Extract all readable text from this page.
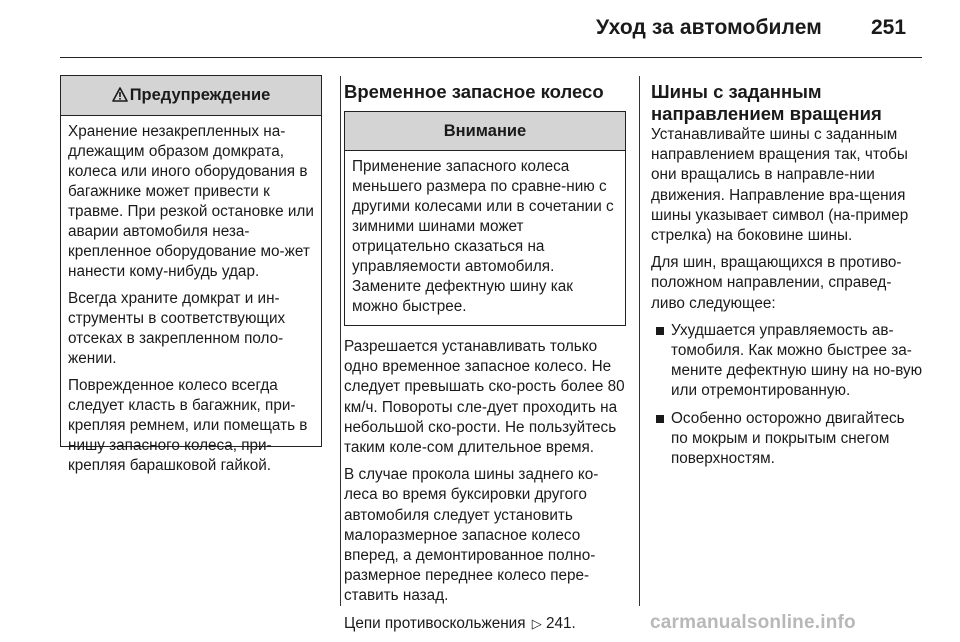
Уход за автомобилем 251
Предупреждение

Хранение незакрепленных на-длежащим образом домкрата, колеса или иного оборудования в багажнике может привести к травме. При резкой остановке или аварии автомобиля неза-крепленное оборудование мо-жет нанести кому-нибудь удар.

Всегда храните домкрат и ин-струменты в соответствующих отсеках в закрепленном поло-жении.

Поврежденное колесо всегда следует класть в багажник, при-крепляя ремнем, или помещать в нишу запасного колеса, при-крепляя барашковой гайкой.

Временное запасное колесо
Внимание

Применение запасного колеса меньшего размера по сравне-нию с другими колесами или в сочетании с зимними шинами может отрицательно сказаться на управляемости автомобиля. Замените дефектную шину как можно быстрее.

Разрешается устанавливать только одно временное запасное колесо. Не следует превышать ско-рость более 80 км/ч. Повороты сле-дует проходить на небольшой ско-рости. Не пользуйтесь таким коле-сом длительное время.

В случае прокола шины заднего ко-леса во время буксировки другого автомобиля следует установить малоразмерное запасное колесо вперед, а демонтированное полно-размерное переднее колесо пере-ставить назад.

Цепи противоскольжения ▷ 241.

Шины с заданным направлением вращения

Устанавливайте шины с заданным направлением вращения так, чтобы они вращались в направле-нии движения. Направление вра-щения шины указывает символ (на-пример стрелка) на боковине шины.

Для шин, вращающихся в противо-положном направлении, справед-ливо следующее:

Ухудшается управляемость ав-томобиля. Как можно быстрее за-мените дефектную шину на но-вую или отремонтированную.
Особенно осторожно двигайтесь по мокрым и покрытым снегом поверхностям.
carmanualsonline.info
